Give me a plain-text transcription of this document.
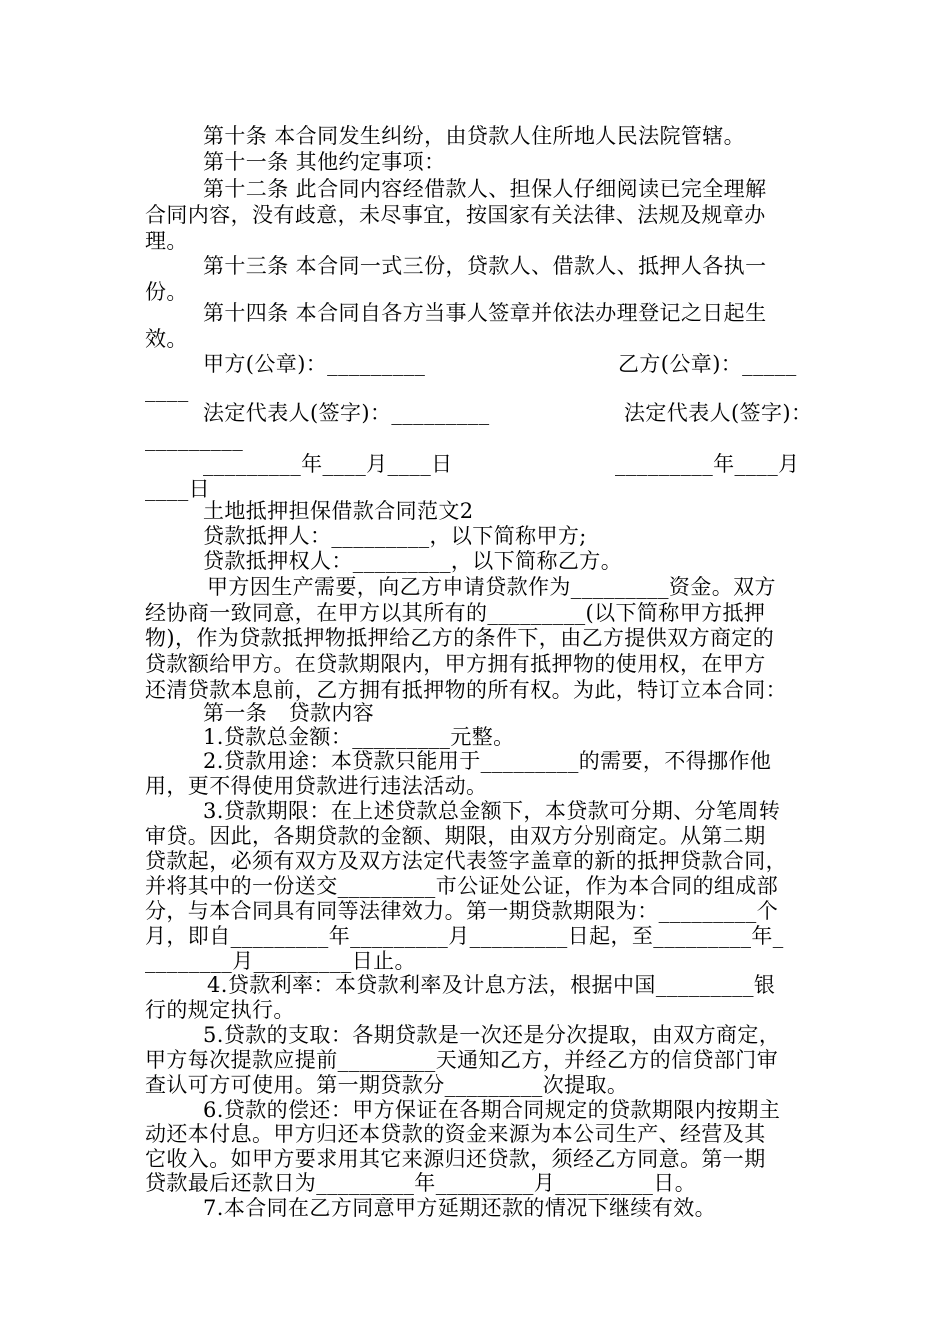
第十条 本合同发生纠纷，由贷款人住所地人民法院管辖。
第十一条 其他约定事项：
第十二条 此合同内容经借款人、担保人仔细阅读已完全理解
合同内容，没有歧意，未尽事宜，按国家有关法律、法规及规章办
理。
第十三条 本合同一式三份，贷款人、借款人、抵押人各执一
份。
第十四条 本合同自各方当事人签章并依法办理登记之日起生
效。
甲方(公章)：_________	乙方(公章)：_____
____
法定代表人(签字)：_________	法定代表人(签字)：
_________
_________年____月____日	_________年____月
____日
土地抵押担保借款合同范文2
贷款抵押人：_________，以下简称甲方;
贷款抵押权人：_________，以下简称乙方。
甲方因生产需要，向乙方申请贷款作为_________资金。双方
经协商一致同意，在甲方以其所有的_________(以下简称甲方抵押
物)，作为贷款抵押物抵押给乙方的条件下，由乙方提供双方商定的
贷款额给甲方。在贷款期限内，甲方拥有抵押物的使用权，在甲方
还清贷款本息前，乙方拥有抵押物的所有权。为此，特订立本合同：
第一条　贷款内容
1.贷款总金额：_________元整。
2.贷款用途：本贷款只能用于_________的需要，不得挪作他
用，更不得使用贷款进行违法活动。
3.贷款期限：在上述贷款总金额下，本贷款可分期、分笔周转
审贷。因此，各期贷款的金额、期限，由双方分别商定。从第二期
贷款起，必须有双方及双方法定代表签字盖章的新的抵押贷款合同，
并将其中的一份送交_________市公证处公证，作为本合同的组成部
分，与本合同具有同等法律效力。第一期贷款期限为：_________个
月，即自_________年_________月_________日起，至_________年_
________月_________日止。
4.贷款利率：本贷款利率及计息方法，根据中国_________银
行的规定执行。
5.贷款的支取：各期贷款是一次还是分次提取，由双方商定，
甲方每次提款应提前_________天通知乙方，并经乙方的信贷部门审
查认可方可使用。第一期贷款分_________次提取。
6.贷款的偿还：甲方保证在各期合同规定的贷款期限内按期主
动还本付息。甲方归还本贷款的资金来源为本公司生产、经营及其
它收入。如甲方要求用其它来源归还贷款，须经乙方同意。第一期
贷款最后还款日为_________年_________月_________日。
7.本合同在乙方同意甲方延期还款的情况下继续有效。
